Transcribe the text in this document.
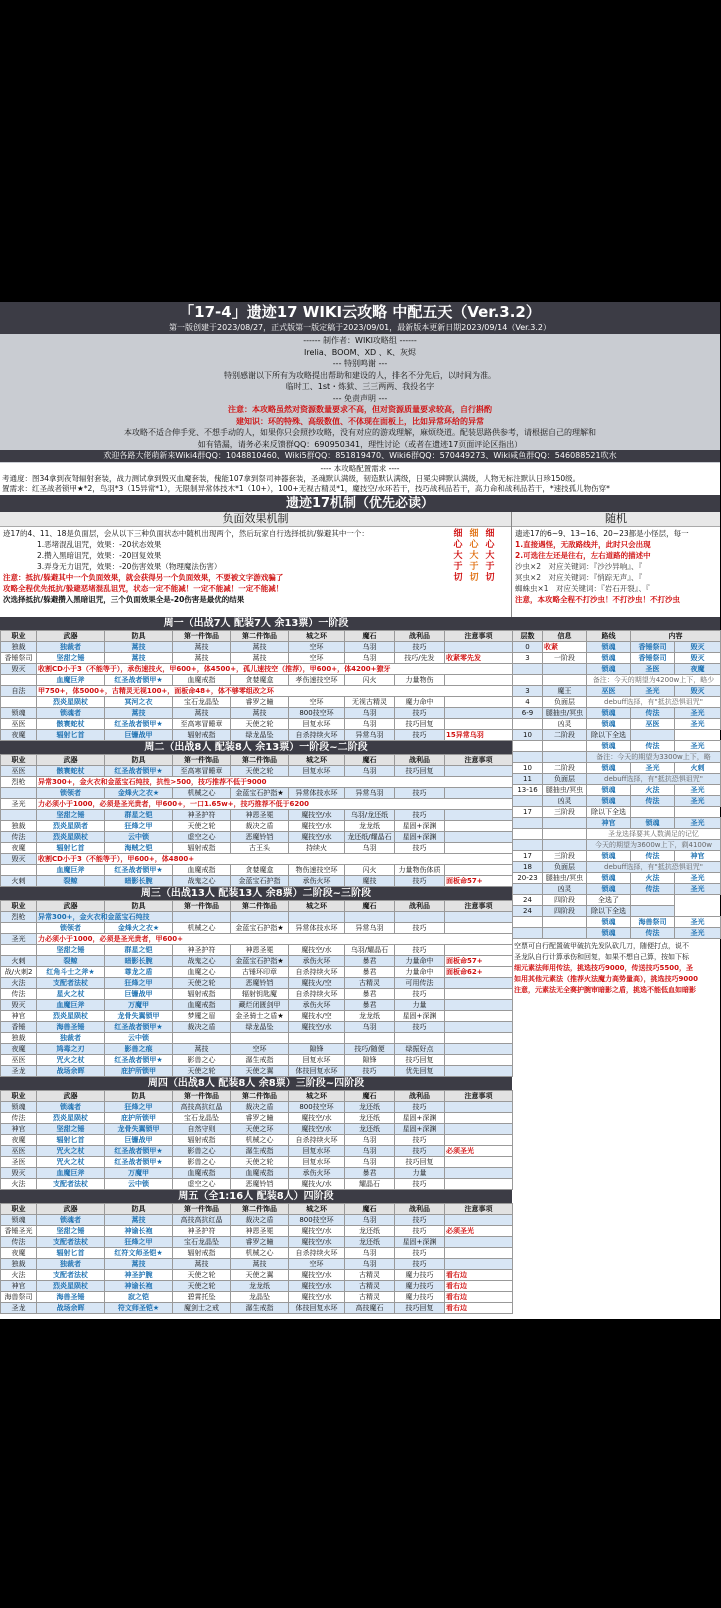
「17-4」遗迹17 WIKI云攻略 中配五天（Ver.3.2）
第一版创建于2023/08/27，正式版第一版定稿于2023/09/01，最新版本更新日期2023/09/14（Ver.3.2）
------ 制作者：WIKI攻略组 ------
Irelia、BOOM、XD 、K、灰烬
--- 特别鸣谢 ---
特别感谢以下所有为攻略提出帮助和建设的人，排名不分先后，以时间为准。
临时工、1st・炼狱、三三两两、我投名字
--- 免责声明 ---
注意：本攻略虽然对资源数量要求不高，但对资源质量要求较高，自行斟酌
建知识：环的特殊、高级数值、不体现在面板上，比如异常环给的异常
本攻略不适合伸手党、不想手动的人，如果你只会照抄攻略，没有对应的游戏理解，麻烦绕道。配装思路供参考，请根据自己的理解和
如有错漏，请务必来反馈群QQ：690950341，理性讨论（或者在遗迹17页面评论区指出）
欢迎各路大佬萌新来Wiki4群QQ：1048810460、Wiki5群QQ：851819470、Wiki6群QQ：570449273、Wiki咸鱼群QQ：546088521吹水
---- 本攻略配置需求 ----
考通度：图34拿到夜弩辐射套装，战力测试拿到毁灭血魔套装，傀能107拿到祭司神器套装，圣魂默认满级，韧造默认满级，日冕尖碑默认满级，人物无标注默认日珍150级。
置需求：红圣战者锁甲★*2，鸟羽*3（15异常*1），无限制异常体技木*1（10+），100+无视古精灵*1，魔技空/水环若干，技巧战利品若干，高力命和战利品若干，*速技孤儿物伤穿*
遗迹17机制（优先必读）
负面效果机制
迹17的4、11、18是负面层，会从以下三种负面状态中随机出现两个，然后玩家自行选择抵抗/躲避其中一个：
1.恶堵混乱诅咒，效果：-20状态效果
2.攒入黑暗诅咒，效果：-20回复效果
3.弄身无力诅咒，效果：-20伤害效果（物理魔法伤害）
注意：抵抗/躲避其中一个负面效果，就会获得另一个负面效果，不要被文字游戏骗了
攻略全程优先抵抗/躲避恶堵混乱诅咒，状态一定不能减！一定不能减！一定不能减！
次选择抵抗/躲避攒入黑暗诅咒，三个负面效果全是-20伤害是最优的结果
细
心
大
于
切
细
心
大
于
切
细
心
大
于
切
随机
遗迹17的6~9、13~16、20~23都是小怪层，每一
1.直接遇怪，无敌路线并，此时只会出现
2.可选往左还是往右，左右道路的描述中
沙虫×2　对应关键词：『沙沙异响』、『
冥虫×2　对应关键词：『悄踪无声』、『
蜘蛛虫×1　对应关键词：『岩石开裂』、『
注意，本攻略全程不打沙虫！不打沙虫！不打沙虫
周一（出战7人 配装7人 余13票）一阶段
职业	武器	防具	第一件饰品	第二件饰品	城之环	魔石	战利品	注意事项
独裁	独裁者	蒿技	蒿技	蒿技	空环	乌羽	技巧	
香锤祭司	坚甜之锤	蒿技	蒿技	蒿技	空环	乌羽	技巧/先发	收紧零先发
毁灭	收割CD小于3（不能等于），承伤速技火，甲600+，体4500+，孤儿速技空（推荐），甲600+，体4200+獠牙							
	血魔巨斧	红圣战者锁甲★	血魔戒指	贪婪魔盒	孝伤速技空环	闪火	力量物伤	
自法	甲750+，体5000+，古精灵无视100+，面板命48+，体不够零组改之环							
	烈炎星陨杖	冥河之衣	宝石龙晶坠	睿罗之瞳	空环	无视古精灵	魔力命中	
锁魂	锁魂者	蒿技	蒿技	蒿技	800技空环	乌羽	技巧	
巫医	骸寰蛇杖	红圣战者锁甲★	至高寒冒睡章	天使之轮	回复水环	乌羽	技巧回复	
夜魔	辐射匕首	巨镰战甲	辐射戒指	绿龙晶坠	自杀持续火环	异常乌羽	技巧	15异常乌羽
周二（出战8人 配装8人 余13票）一阶段~二阶段
职业	武器	防具	第一件饰品	第二件饰品	城之环	魔石	战利品	注意事项
巫医	骸寰蛇杖	红圣战者锁甲★	至高寒冒睡章	天使之轮	回复水环	乌羽	技巧回复	
烈枪	异常300+，金火衣和金蓝宝石纯技，抗性>500，技巧推荐不低于9000							
	锁领者	金烽火之衣★	机械之心	金蓝宝石护指★	异常体技水环	异常乌羽	技巧	
圣光	力必须小于1000，必须是圣光贵者，甲600+，一口1.65w+，技巧推荐不低于6200							
	坚甜之锤	群星之铠	神圣护符	神恩圣冕	魔技空/水	乌羽/龙还纸	技巧	
独裁	烈炎星陨者	狂烽之甲	天使之轮	裁决之盾	魔技空/水	龙龙纸	星固+深渊	
传法	烈炎星陨杖	云中锁	虚空之心	恶魔铃铛	魔技空/水	龙还纸/耀晶石	星固+深渊	
夜魔	辐射匕首	海贼之铠	辐射戒指	古王头	持续火	乌羽	技巧	
毁灭	收割CD小于3（不能等于），甲600+，体4800+							
	血魔巨斧	红圣战者锁甲★	血魔戒指	贪婪魔盒	物伤速技空环	闪火	力量物伤体质	
火刺	裂鲸	暗影长腕	战鬼之心	金蓝宝石护指	承伤火环	魔技	技巧	面板命57+
周三（出战13人 配装13人 余8票）二阶段~三阶段
职业	武器	防具	第一件饰品	第二件饰品	城之环	魔石	战利品	注意事项
烈枪	异常300+，金火衣和金蓝宝石纯技							
	锁领者	金烽火之衣★	机械之心	金蓝宝石护指★	异常体技水环	异常乌羽	技巧	
圣光	力必须小于1000，必须是圣光贵者，甲600+							
	坚甜之锤	群星之铠	神圣护符	神恩圣冕	魔技空/水	乌羽/耀晶石	技巧	
火刺	裂鲸	暗影长腕	战鬼之心	金蓝宝石护指★	承伤火环	暴君	力量命中	面板命57+
战/火刺2	红角斗士之斧★	尊龙之盾	血魔之心	古锤环印章	自杀持续火环	暴君	力量命中	面板命62+
火法	支配者法杖	狂烽之甲	天使之轮	恶魔铃铛	魔技火/空	古精灵	可用传法	
传法	星火之杖	巨镰战甲	辐射戒指	辐射钥匙魔	自杀持续火环	暴君	技巧	
毁灭	血魔巨斧	万魔甲	血魔戒指	藏烂闭匮剑甲	承伤火环	暴君	力量	
神官	烈炎星陨杖	龙骨失翼锁甲	梦魇之眉	金圣骑士之盾★	魔技水/空	龙龙纸	星固+深渊	
香锤	海兽圣锤	红圣战者锁甲★	裁决之盾	绿龙晶坠	魔技空/水	乌羽	技巧	
独裁	独裁者	云中锁						
夜魔	鸠毒之刃	影兽之痕	蒿技	空环	隙锋	技巧/随便	绿振好点	
巫医	咒火之杖	红圣战者锁甲★	影兽之心	潺生戒指	回复水环	隙锋	技巧回复	
圣龙	战场余晖	庇护所锁甲	天使之轮	天使之翼	体技回复水环	技巧	优先回复	
周四（出战8人 配装8人 余8票）三阶段~四阶段
职业	武器	防具	第一件饰品	第二件饰品	城之环	魔石	战利品	注意事项
锁魂	锁魂者	狂烽之甲	高技高抗红晶	裁决之盾	800技空环	龙还纸	技巧	
传法	烈炎星陨杖	庇护所锁甲	宝石龙晶坠	睿罗之瞳	魔技空/水	龙还纸	星固+深渊	
神官	坚甜之锤	龙骨失翼锁甲	自然守则	天使之环	魔技空/水	龙还纸	星固+深渊	
夜魔	辐射匕首	巨镰战甲	辐射戒指	机械之心	自杀持续火环	乌羽	技巧	
巫医	咒火之杖	红圣战者锁甲★	影兽之心	潺生戒指	回复水环	乌羽	技巧	必须圣光
圣医	咒火之杖	红圣战者锁甲★	影兽之心	天使之轮	回复水环	乌羽	技巧回复	
毁灭	血魔巨斧	万魔甲	血魔戒指	血魔戒指	承伤火环	暴君	力量	
火法	支配者法杖	云中锁	虚空之心	恶魔铃铛	魔技火/水	耀晶石	技巧	
周五（全1:16人 配装8人）四阶段
职业	武器	防具	第一件饰品	第二件饰品	城之环	魔石	战利品	注意事项
锁魂	锁魂者	蒿技	高技高抗红晶	裁决之盾	800技空环	乌羽	技巧	
香锤圣光	坚甜之锤	神谕长袍	神圣护符	神恩圣冕	魔技空/水	龙还纸	技巧	必须圣光
传法	支配者法杖	狂烽之甲	宝石龙晶坠	睿罗之瞳	魔技空/水	龙还纸	星固+深渊	
夜魔	辐射匕首	红符文师圣铠★	辐射戒指	机械之心	自杀持续火环	乌羽	技巧	
独裁	独裁者	蒿技	蒿技	蒿技	空环	乌羽	技巧	
火法	支配者法杖	神圣护腕	天使之轮	天使之翼	魔技空/水	古精灵	魔力技巧	看右边
神官	烈炎星陨杖	神谕长袍	天使之轮	龙龙纸	魔技空/水	古精灵	魔力技巧	看右边
海兽祭司	海兽圣锤	寂之铠	碧霄托坠	龙晶坠	魔技空/水	古精灵	魔力技巧	看右边
圣龙	战场余晖	符文师圣铠★	魔剑士之戒	潺生戒指	体技回复水环	高技魔石	技巧回复	看右边

层数	信息	路线	内容	
0	收紧	锁魂	香锤祭司	毁灭
3	一阶段	锁魂	香锤祭司	毁灭
		锁魂	圣医	夜魔
		备注：今天的期望为4200w上下，略少		
3	魔王	巫医	圣光	毁灭
4	负面层	debuff选择，有"抵抗恐惧诅咒"		
6-9	腿抽虫/冥虫	锁魂	传法	圣光
	凶灵	锁魂	巫医	圣光
10	二阶段	除以下全选		
		锁魂	传法	圣光
		备注：今天的期望为3300w上下，略		
10	二阶段	锁魂	圣光	火刺
11	负面层	debuff选择，有"抵抗恐惧诅咒"		
13-16	腿抽虫/冥虫	锁魂	火法	圣光
	凶灵	锁魂	传法	圣光
17	三阶段	除以下全选		
		神官	锁魂	圣光
		圣龙选择要其人数满足的记忆		
		今天的期望为3600w上下，剩4100w		
17	三阶段	锁魂	传法	神官
18	负面层	debuff选择，有"抵抗恐惧诅咒"		
20-23	腿抽虫/冥虫	锁魂	火法	圣光
	凶灵	锁魂	传法	圣光
24	四阶段	全选了		
24	四阶段	除以下全选		
		锁魂	海兽祭司	圣光
		锁魂	传法	圣光
空票可自行配置破甲破抗先发队砍几刀，随便打点，说不
圣龙队自行计算承伤和回复，如果不想自己算，按如下标
细元素法师用传法，挑选技巧9000，传送技巧5500，圣
如用其他元素法（推荐火法魔力高势量高），挑选技巧9000
注意，元素法无全赛护腕审暗影之盾，挑选不能低血如暗影
